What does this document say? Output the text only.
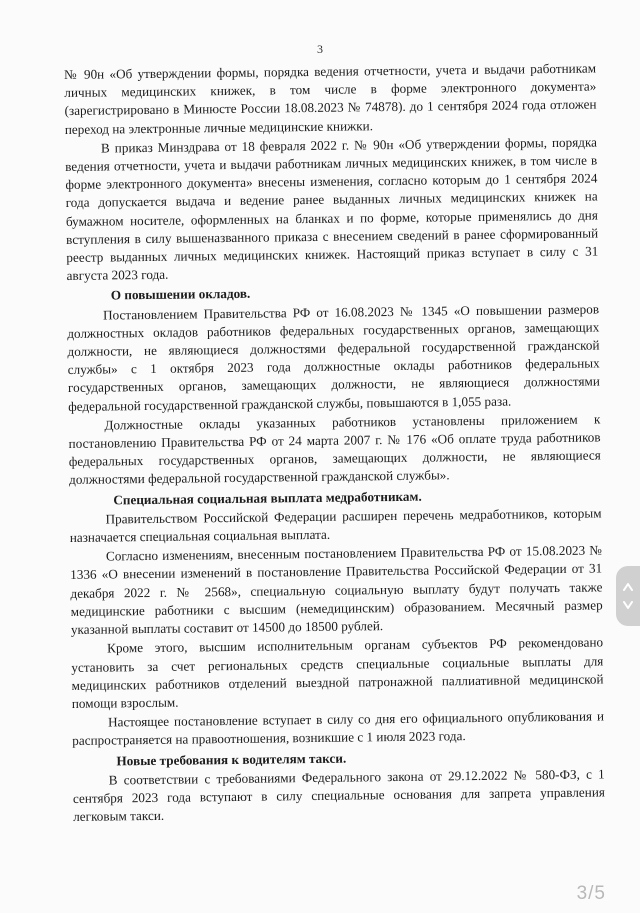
3

№ 90н «Об утверждении формы, порядка ведения отчетности, учета и выдачи работникам личных медицинских книжек, в том числе в форме электронного документа» (зарегистрировано в Минюсте России 18.08.2023 № 74878). до 1 сентября 2024 года отложен переход на электронные личные медицинские книжки.

В приказ Минздрава от 18 февраля 2022 г. № 90н «Об утверждении формы, порядка ведения отчетности, учета и выдачи работникам личных медицинских книжек, в том числе в форме электронного документа» внесены изменения, согласно которым до 1 сентября 2024 года допускается выдача и ведение ранее выданных личных медицинских книжек на бумажном носителе, оформленных на бланках и по форме, которые применялись до дня вступления в силу вышеназванного приказа с внесением сведений в ранее сформированный реестр выданных личных медицинских книжек. Настоящий приказ вступает в силу с 31 августа 2023 года.

О повышении окладов.

Постановлением Правительства РФ от 16.08.2023 № 1345 «О повышении размеров должностных окладов работников федеральных государственных органов, замещающих должности, не являющиеся должностями федеральной государственной гражданской службы» с 1 октября 2023 года должностные оклады работников федеральных государственных органов, замещающих должности, не являющиеся должностями федеральной государственной гражданской службы, повышаются в 1,055 раза.

Должностные оклады указанных работников установлены приложением к постановлению Правительства РФ от 24 марта 2007 г. № 176 «Об оплате труда работников федеральных государственных органов, замещающих должности, не являющиеся должностями федеральной государственной гражданской службы».

Специальная социальная выплата медработникам.

Правительством Российской Федерации расширен перечень медработников, которым назначается специальная социальная выплата.

Согласно изменениям, внесенным постановлением Правительства РФ от 15.08.2023 № 1336 «О внесении изменений в постановление Правительства Российской Федерации от 31 декабря 2022 г. № 2568», специальную социальную выплату будут получать также медицинские работники с высшим (немедицинским) образованием. Месячный размер указанной выплаты составит от 14500 до 18500 рублей.

Кроме этого, высшим исполнительным органам субъектов РФ рекомендовано установить за счет региональных средств специальные социальные выплаты для медицинских работников отделений выездной патронажной паллиативной медицинской помощи взрослым.

Настоящее постановление вступает в силу со дня его официального опубликования и распространяется на правоотношения, возникшие с 1 июля 2023 года.

Новые требования к водителям такси.

В соответствии с требованиями Федерального закона от 29.12.2022 № 580-ФЗ, с 1 сентября 2023 года вступают в силу специальные основания для запрета управления легковым такси.

3/5
